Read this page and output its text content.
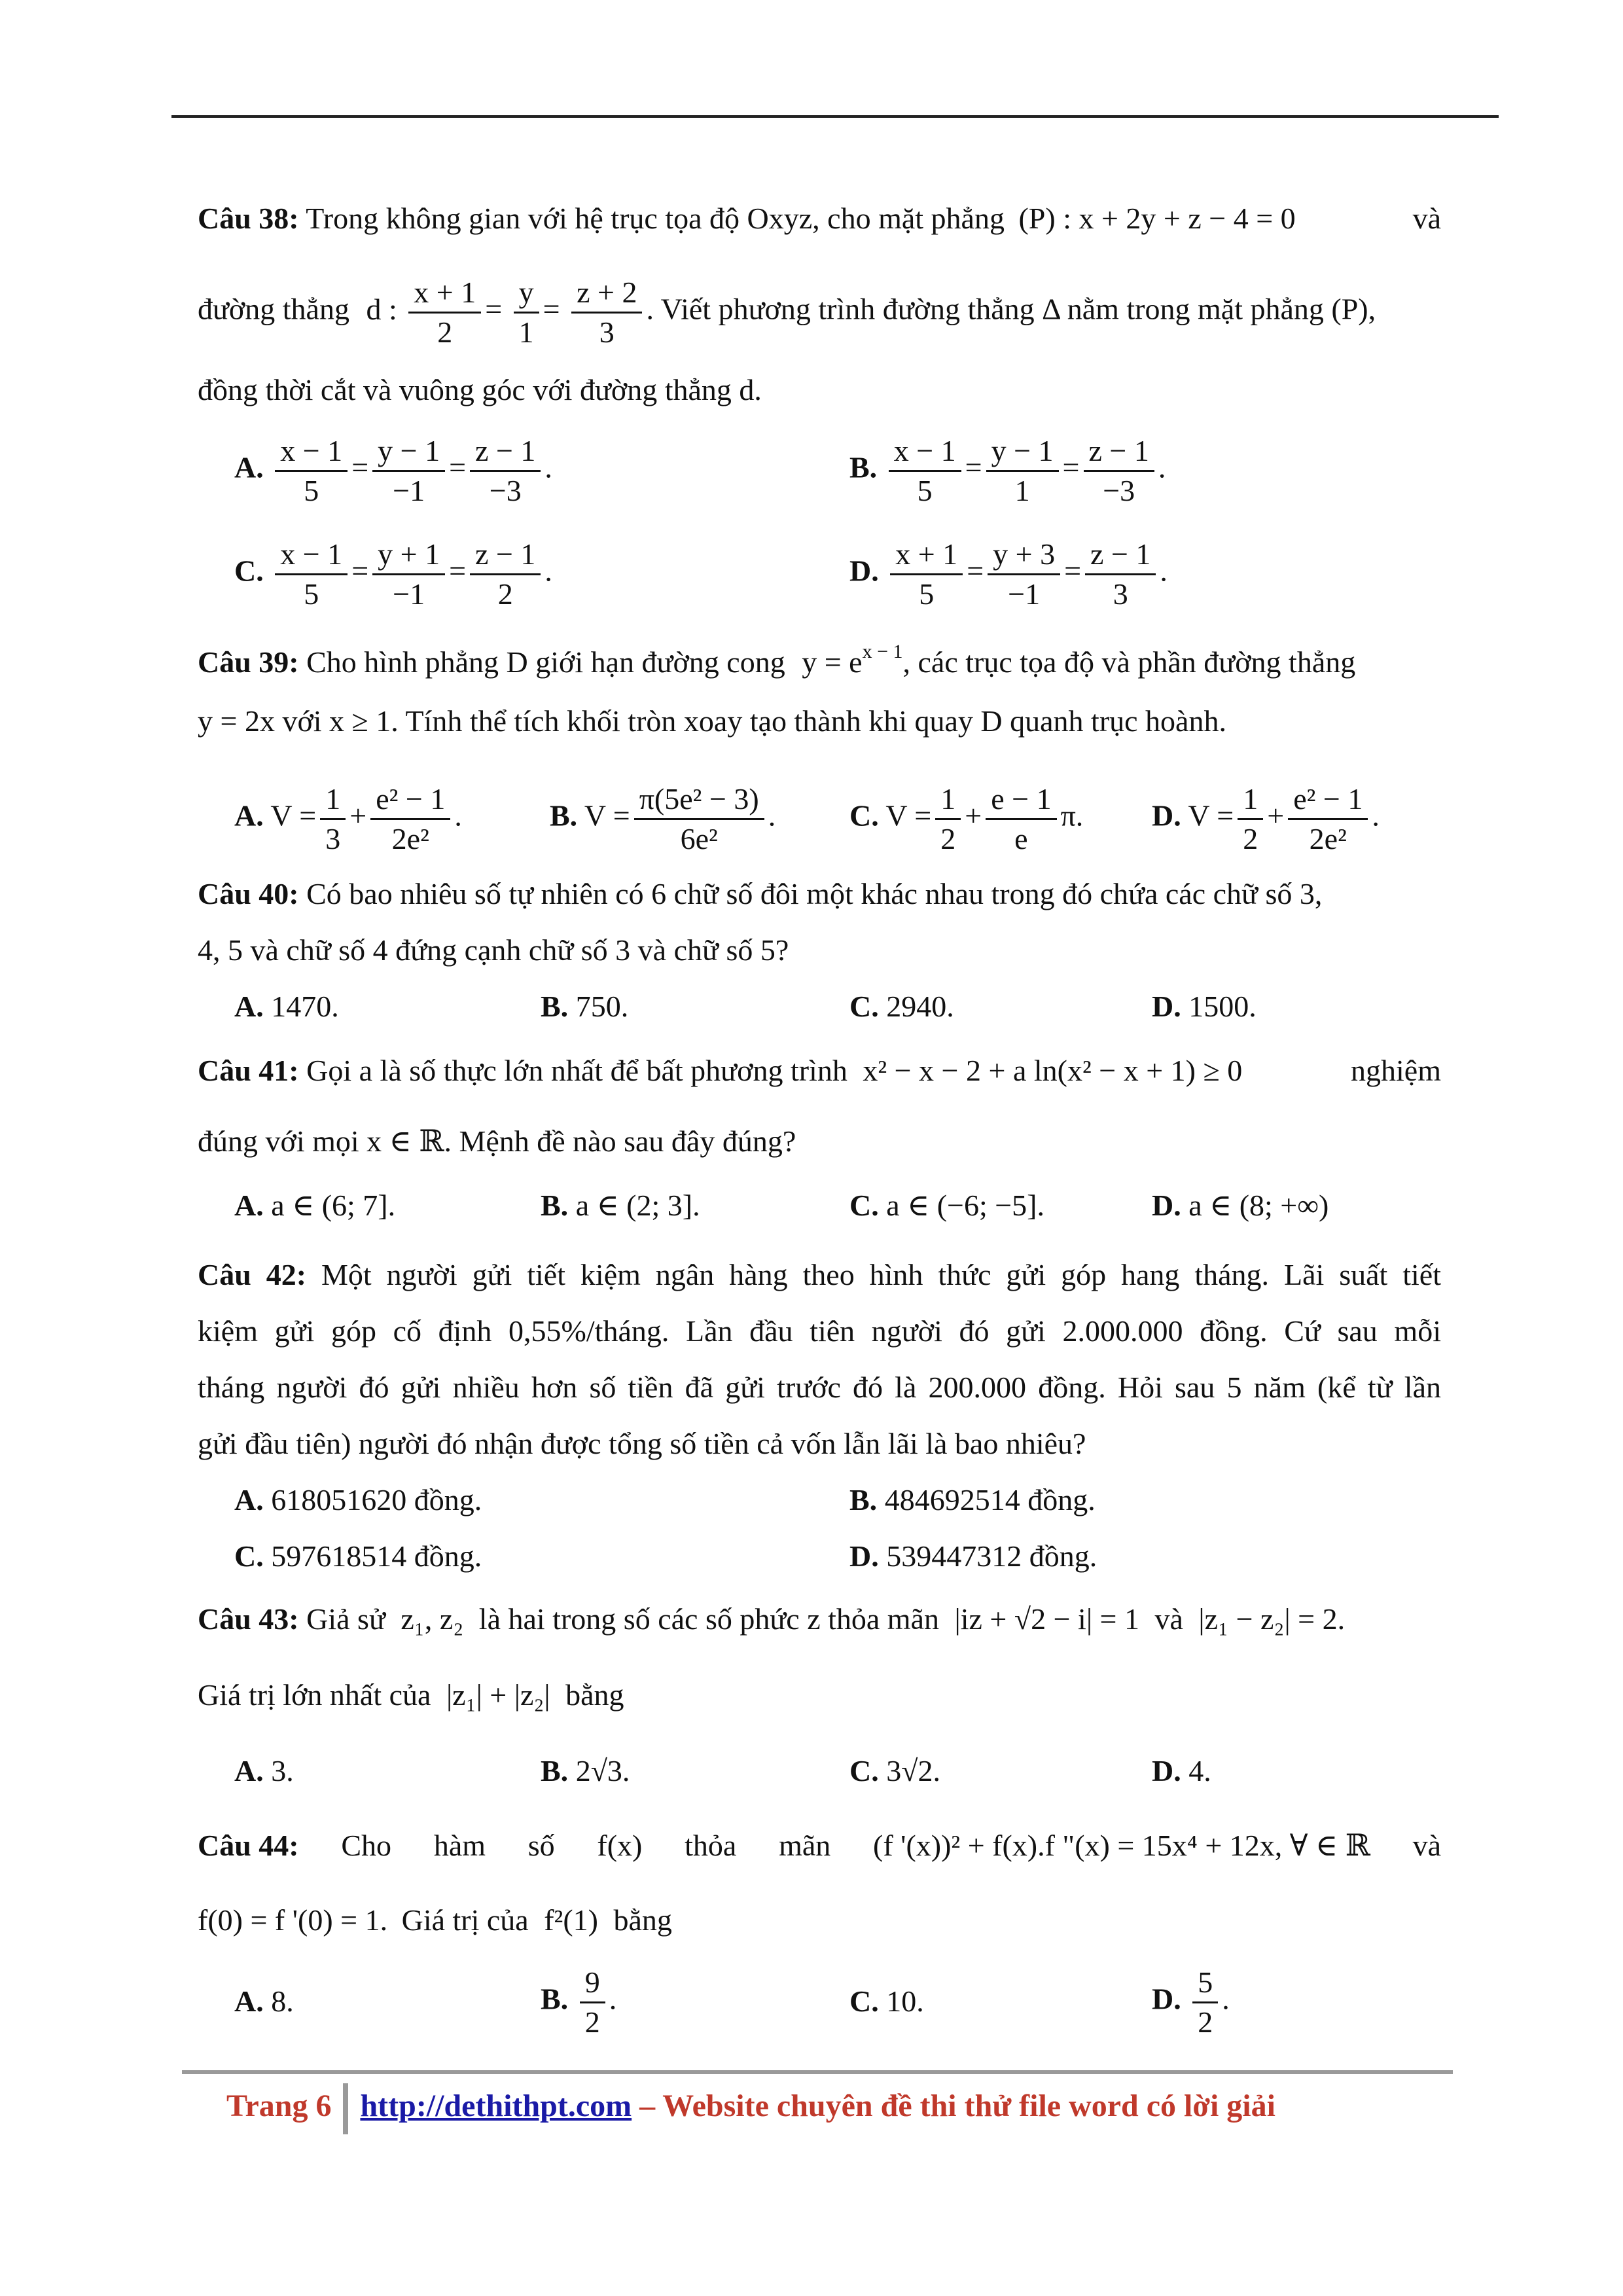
Câu 38: Trong không gian với hệ trục tọa độ Oxyz, cho mặt phẳng (P) : x + 2y + z − 4 = 0	và
đường thẳng d : $\frac{x + 1}{2} = \frac{y}{1} = \frac{z + 2}{3}$ . Viết phương trình đường thẳng Δ nằm trong mặt phẳng (P),
đồng thời cắt và vuông góc với đường thẳng d.
A. $\frac{x - 1}{5} = \frac{y - 1}{-1} = \frac{z - 1}{-3}$ .	B. $\frac{x - 1}{5} = \frac{y - 1}{1} = \frac{z - 1}{-3}$ .
C. $\frac{x - 1}{5} = \frac{y + 1}{-1} = \frac{z - 1}{2}$ .	D. $\frac{x + 1}{5} = \frac{y + 3}{-1} = \frac{z - 1}{3}$ .
Câu 39: Cho hình phẳng D giới hạn đường cong $y = e^{x - 1}$, các trục tọa độ và phần đường thẳng
y = 2x với x ≥ 1. Tính thể tích khối tròn xoay tạo thành khi quay D quanh trục hoành.
A. $V = \frac{1}{3} + \frac{\text{e² − 1}}{\text{2e²}}$ .	B. $V = \frac{\text{π(5e² − 3)}}{\text{6e²}}$ . C. $V = \frac{1}{2} + \frac{e - 1}{e} \pi$. D. $V = \frac{1}{2} + \frac{\text{e² − 1}}{\text{2e²}}$ .
Câu 40: Có bao nhiêu số tự nhiên có 6 chữ số đôi một khác nhau trong đó chứa các chữ số 3,
4, 5 và chữ số 4 đứng cạnh chữ số 3 và chữ số 5?
A. 1470.	B. 750.	C. 2940.	D. 1500.
Câu 41: Gọi a là số thực lớn nhất để bất phương trình x² − x − 2 + a ln(x² − x + 1) ≥ 0	nghiệm
đúng với mọi x ∈ ℝ. Mệnh đề nào sau đây đúng?
A. a ∈ (6; 7].	B. a ∈ (2; 3].	C. a ∈ (−6; −5].	D. a ∈ (8; +∞)
Câu 42: Một người gửi tiết kiệm ngân hàng theo hình thức gửi góp hang tháng. Lãi suất tiết
kiệm gửi góp cố định 0,55%/tháng. Lần đầu tiên người đó gửi 2.000.000 đồng. Cứ sau mỗi
tháng người đó gửi nhiều hơn số tiền đã gửi trước đó là 200.000 đồng. Hỏi sau 5 năm (kể từ lần
gửi đầu tiên) người đó nhận được tổng số tiền cả vốn lẫn lãi là bao nhiêu?
A. 618051620 đồng.	B. 484692514 đồng.
C. 597618514 đồng.	D. 539447312 đồng.
Câu 43: Giả sử z₁, z₂ là hai trong số các số phức z thỏa mãn |iz + √2 − i| = 1 và |z₁ − z₂| = 2.
Giá trị lớn nhất của |z₁| + |z₂| bằng
A. 3.	B. 2√3.	C. 3√2.	D. 4.
Câu 44: Cho hàm số f(x) thỏa mãn (f '(x))² + f(x).f "(x) = 15x⁴ + 12x, ∀ ∈ ℝ và
f(0) = f '(0) = 1. Giá trị của f²(1) bằng
A. 8.	B. $\frac{9}{2}$ .	C. 10.	D. $\frac{5}{2}$ .
Trang 6 http://dethithpt.com – Website chuyên đề thi thử file word có lời giải
